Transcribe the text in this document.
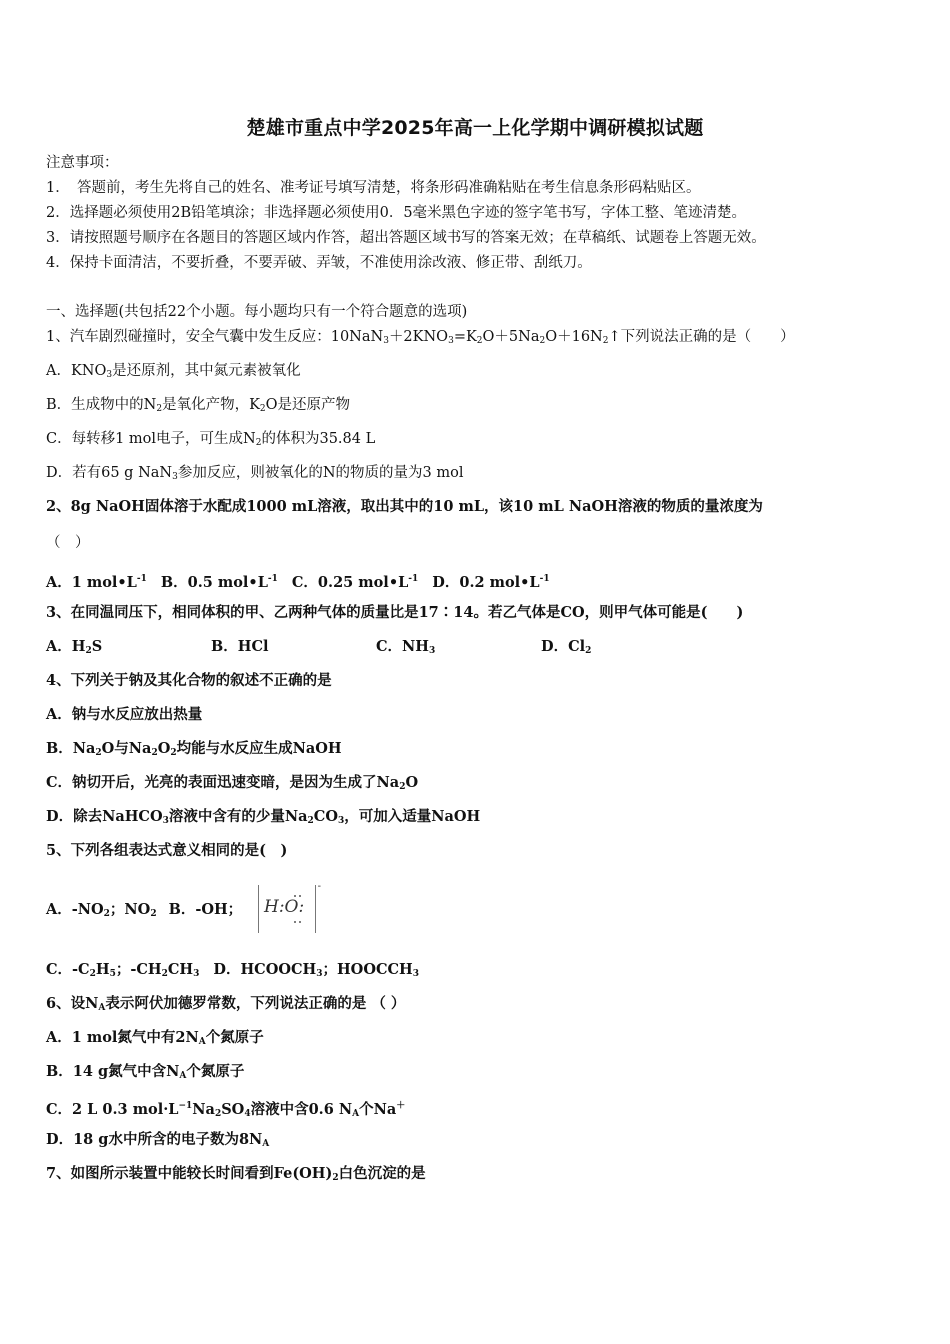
楚雄市重点中学2025年高一上化学期中调研模拟试题
注意事项：
1．　答题前，考生先将自己的姓名、准考证号填写清楚，将条形码准确粘贴在考生信息条形码粘贴区。
2．选择题必须使用2B铅笔填涂；非选择题必须使用0．5毫米黑色字迹的签字笔书写，字体工整、笔迹清楚。
3．请按照题号顺序在各题目的答题区域内作答，超出答题区域书写的答案无效；在草稿纸、试题卷上答题无效。
4．保持卡面清洁，不要折叠，不要弄破、弄皱，不准使用涂改液、修正带、刮纸刀。
一、选择题(共包括22个小题。每小题均只有一个符合题意的选项)
1、汽车剧烈碰撞时，安全气囊中发生反应：$10NaN_3+2KNO_3=K_2O+5Na_2O+16N_2↑$下列说法正确的是（　　）
A．$KNO_3$是还原剂，其中氮元素被氧化
B．生成物中的$N_2$是氧化产物，$K_2O$是还原产物
C．每转移1 mol电子，可生成$N_2$的体积为35.84 L
D．若有65 g NaN$_3$参加反应，则被氧化的N的物质的量为3 mol
2、8g NaOH固体溶于水配成1000 mL溶液，取出其中的10 mL，该10 mL NaOH溶液的物质的量浓度为
（　）
A．1 $mol•L^{-1}$ B．0.5 $mol•L^{-1}$ C．0.25 $mol•L^{-1}$ D．0.2 $mol•L^{-1}$
3、在同温同压下，相同体积的甲、乙两种气体的质量比是17∶14。若乙气体是CO，则甲气体可能是(　　)
A．$H_2S$	B．HCl	C．$NH_3$	D．$Cl_2$
4、下列关于钠及其化合物的叙述不正确的是
A．钠与水反应放出热量
B．$Na_2O$与$Na_2O_2$均能与水反应生成NaOH
C．钠切开后，光亮的表面迅速变暗，是因为生成了$Na_2O$
D．除去NaHCO$_3$溶液中含有的少量$Na_2CO_3$，可加入适量NaOH
5、下列各组表达式意义相同的是(　)
A．$-NO_2$；$NO_2$ B．-OH； H:O:
-
C．$-C_2H_5$；$-CH_2CH_3$ D．$HCOOCH_3$；$HOOCCH_3$
6、设$N_A$表示阿伏加德罗常数，下列说法正确的是 （ ）
A．1 mol氮气中有$2N_A$个氮原子
B．14 g氮气中含$N_A$个氮原子
C．2 L 0.3 $mol\cdot L^{-1}Na_2SO_4$溶液中含0.6 $N_A$个Na＋
D．18 g水中所含的电子数为$8N_A$
7、如图所示装置中能较长时间看到$Fe(OH)_2$白色沉淀的是
